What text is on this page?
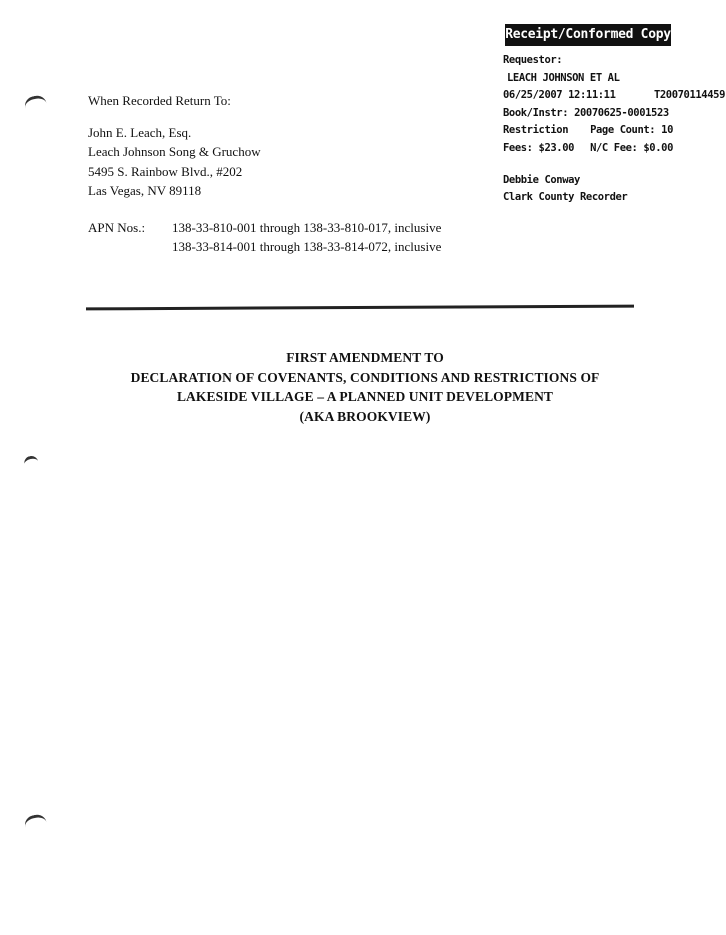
Receipt/Conformed Copy
Requestor:
LEACH JOHNSON ET AL
06/25/2007 12:11:11	T20070114459
Book/Instr:
20070625-0001523
Restriction Page Count: 10
Fees: $23.00 N/C Fee: $0.00
Debbie Conway
Clark County Recorder
When Recorded Return To:
John E. Leach, Esq.
Leach Johnson Song & Gruchow
5495 S. Rainbow Blvd., #202
Las Vegas, NV 89118
APN Nos.: 138-33-810-001 through 138-33-810-017, inclusive
138-33-814-001 through 138-33-814-072, inclusive
FIRST AMENDMENT TO
DECLARATION OF COVENANTS, CONDITIONS AND RESTRICTIONS OF
LAKESIDE VILLAGE – A PLANNED UNIT DEVELOPMENT
(AKA BROOKVIEW)
